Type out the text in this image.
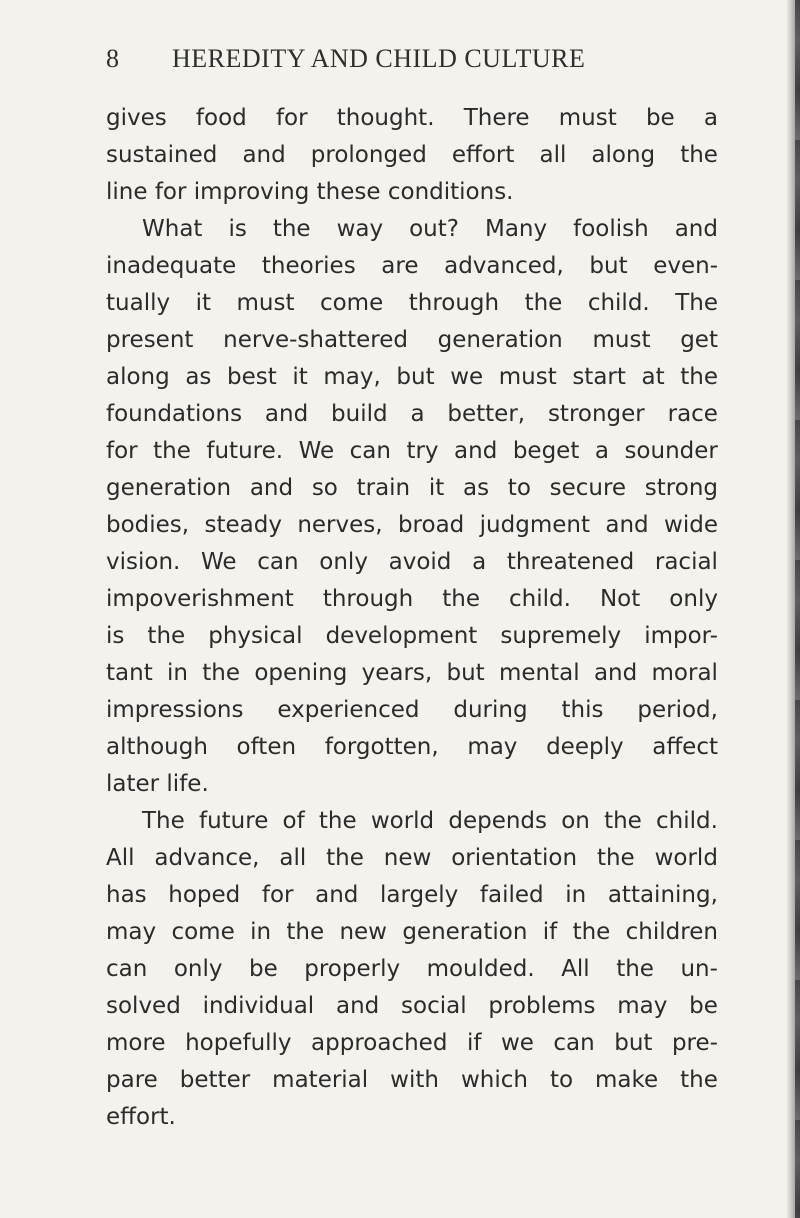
8 HEREDITY AND CHILD CULTURE
gives food for thought. There must be a
sustained and prolonged effort all along the
line for improving these conditions.
What is the way out? Many foolish and
inadequate theories are advanced, but even-
tually it must come through the child. The
present nerve-shattered generation must get
along as best it may, but we must start at the
foundations and build a better, stronger race
for the future. We can try and beget a sounder
generation and so train it as to secure strong
bodies, steady nerves, broad judgment and wide
vision. We can only avoid a threatened racial
impoverishment through the child. Not only
is the physical development supremely impor-
tant in the opening years, but mental and moral
impressions experienced during this period,
although often forgotten, may deeply affect
later life.
The future of the world depends on the child.
All advance, all the new orientation the world
has hoped for and largely failed in attaining,
may come in the new generation if the children
can only be properly moulded. All the un-
solved individual and social problems may be
more hopefully approached if we can but pre-
pare better material with which to make the
effort.
